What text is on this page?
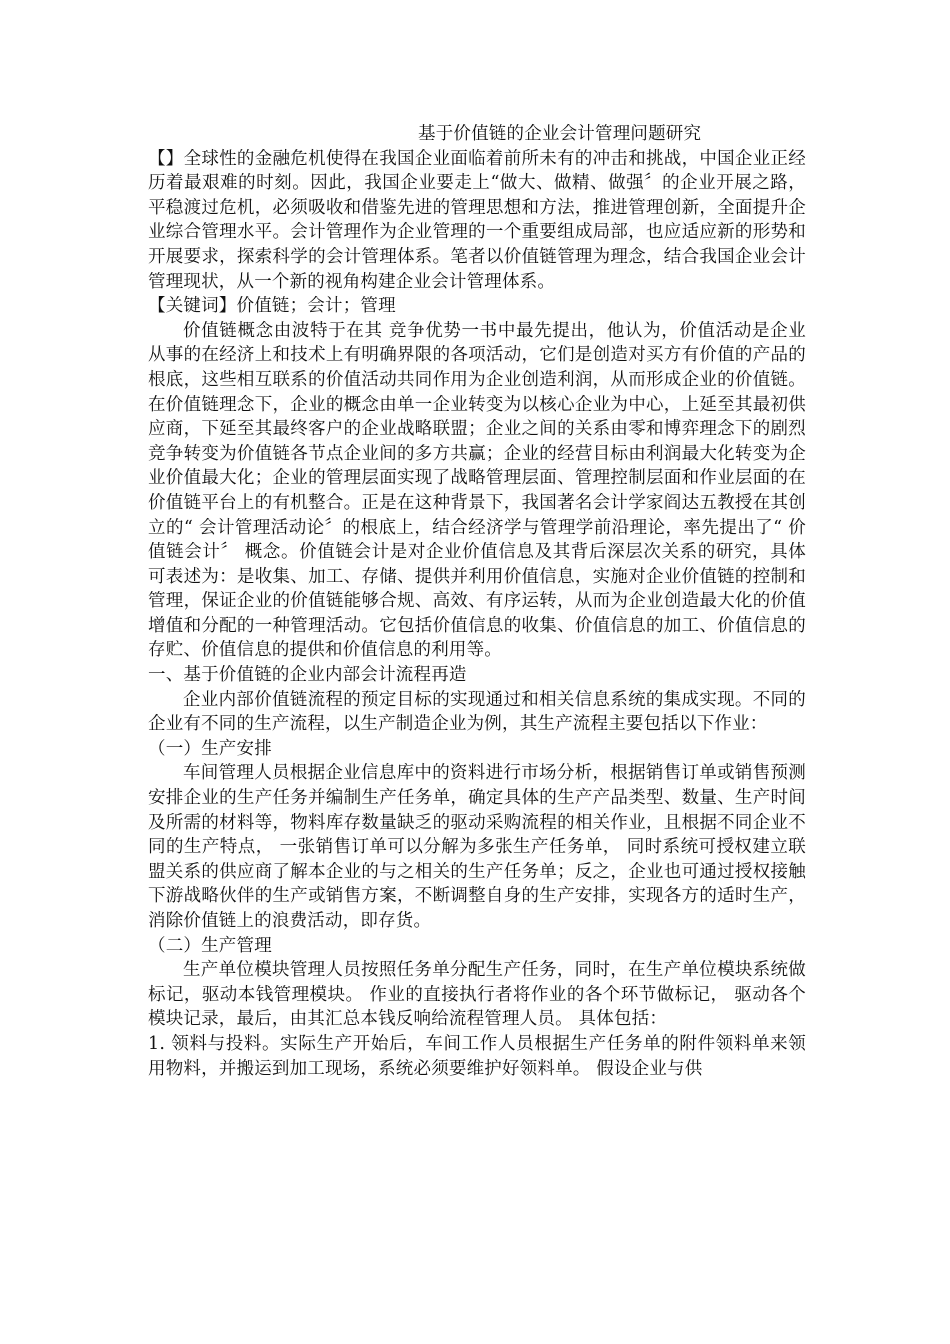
基于价值链的企业会计管理问题研究

【】全球性的金融危机使得在我国企业面临着前所未有的冲击和挑战，中国企业正经历着最艰难的时刻。因此，我国企业要走上“做大、做精、做强〞的企业开展之路，平稳渡过危机，必须吸收和借鉴先进的管理思想和方法，推进管理创新，全面提升企业综合管理水平。会计管理作为企业管理的一个重要组成局部，也应适应新的形势和开展要求，探索科学的会计管理体系。笔者以价值链管理为理念，结合我国企业会计管理现状，从一个新的视角构建企业会计管理体系。

【关键词】价值链；会计；管理

价值链概念由波特于在其 竞争优势一书中最先提出，他认为，价值活动是企业从事的在经济上和技术上有明确界限的各项活动，它们是创造对买方有价值的产品的根底，这些相互联系的价值活动共同作用为企业创造利润，从而形成企业的价值链。在价值链理念下，企业的概念由单一企业转变为以核心企业为中心，上延至其最初供应商，下延至其最终客户的企业战略联盟；企业之间的关系由零和博弈理念下的剧烈竞争转变为价值链各节点企业间的多方共赢；企业的经营目标由利润最大化转变为企业价值最大化；企业的管理层面实现了战略管理层面、管理控制层面和作业层面的在价值链平台上的有机整合。正是在这种背景下，我国著名会计学家阎达五教授在其创立的“ 会计管理活动论〞的根底上，结合经济学与管理学前沿理论，率先提出了“ 价值链会计〞 概念。价值链会计是对企业价值信息及其背后深层次关系的研究，具体可表述为：是收集、加工、存储、提供并利用价值信息，实施对企业价值链的控制和管理，保证企业的价值链能够合规、高效、有序运转，从而为企业创造最大化的价值增值和分配的一种管理活动。它包括价值信息的收集、价值信息的加工、价值信息的存贮、价值信息的提供和价值信息的利用等。

一、基于价值链的企业内部会计流程再造

企业内部价值链流程的预定目标的实现通过和相关信息系统的集成实现。不同的企业有不同的生产流程，以生产制造企业为例，其生产流程主要包括以下作业：

（一）生产安排

车间管理人员根据企业信息库中的资料进行市场分析，根据销售订单或销售预测安排企业的生产任务并编制生产任务单，确定具体的生产产品类型、数量、生产时间及所需的材料等，物料库存数量缺乏的驱动采购流程的相关作业，且根据不同企业不同的生产特点， 一张销售订单可以分解为多张生产任务单， 同时系统可授权建立联盟关系的供应商了解本企业的与之相关的生产任务单；反之，企业也可通过授权接触下游战略伙伴的生产或销售方案，不断调整自身的生产安排，实现各方的适时生产，消除价值链上的浪费活动，即存货。

（二）生产管理

生产单位模块管理人员按照任务单分配生产任务，同时，在生产单位模块系统做标记，驱动本钱管理模块。 作业的直接执行者将作业的各个环节做标记， 驱动各个模块记录，最后，由其汇总本钱反响给流程管理人员。 具体包括：

1. 领料与投料。实际生产开始后，车间工作人员根据生产任务单的附件领料单来领用物料，并搬运到加工现场，系统必须要维护好领料单。 假设企业与供
